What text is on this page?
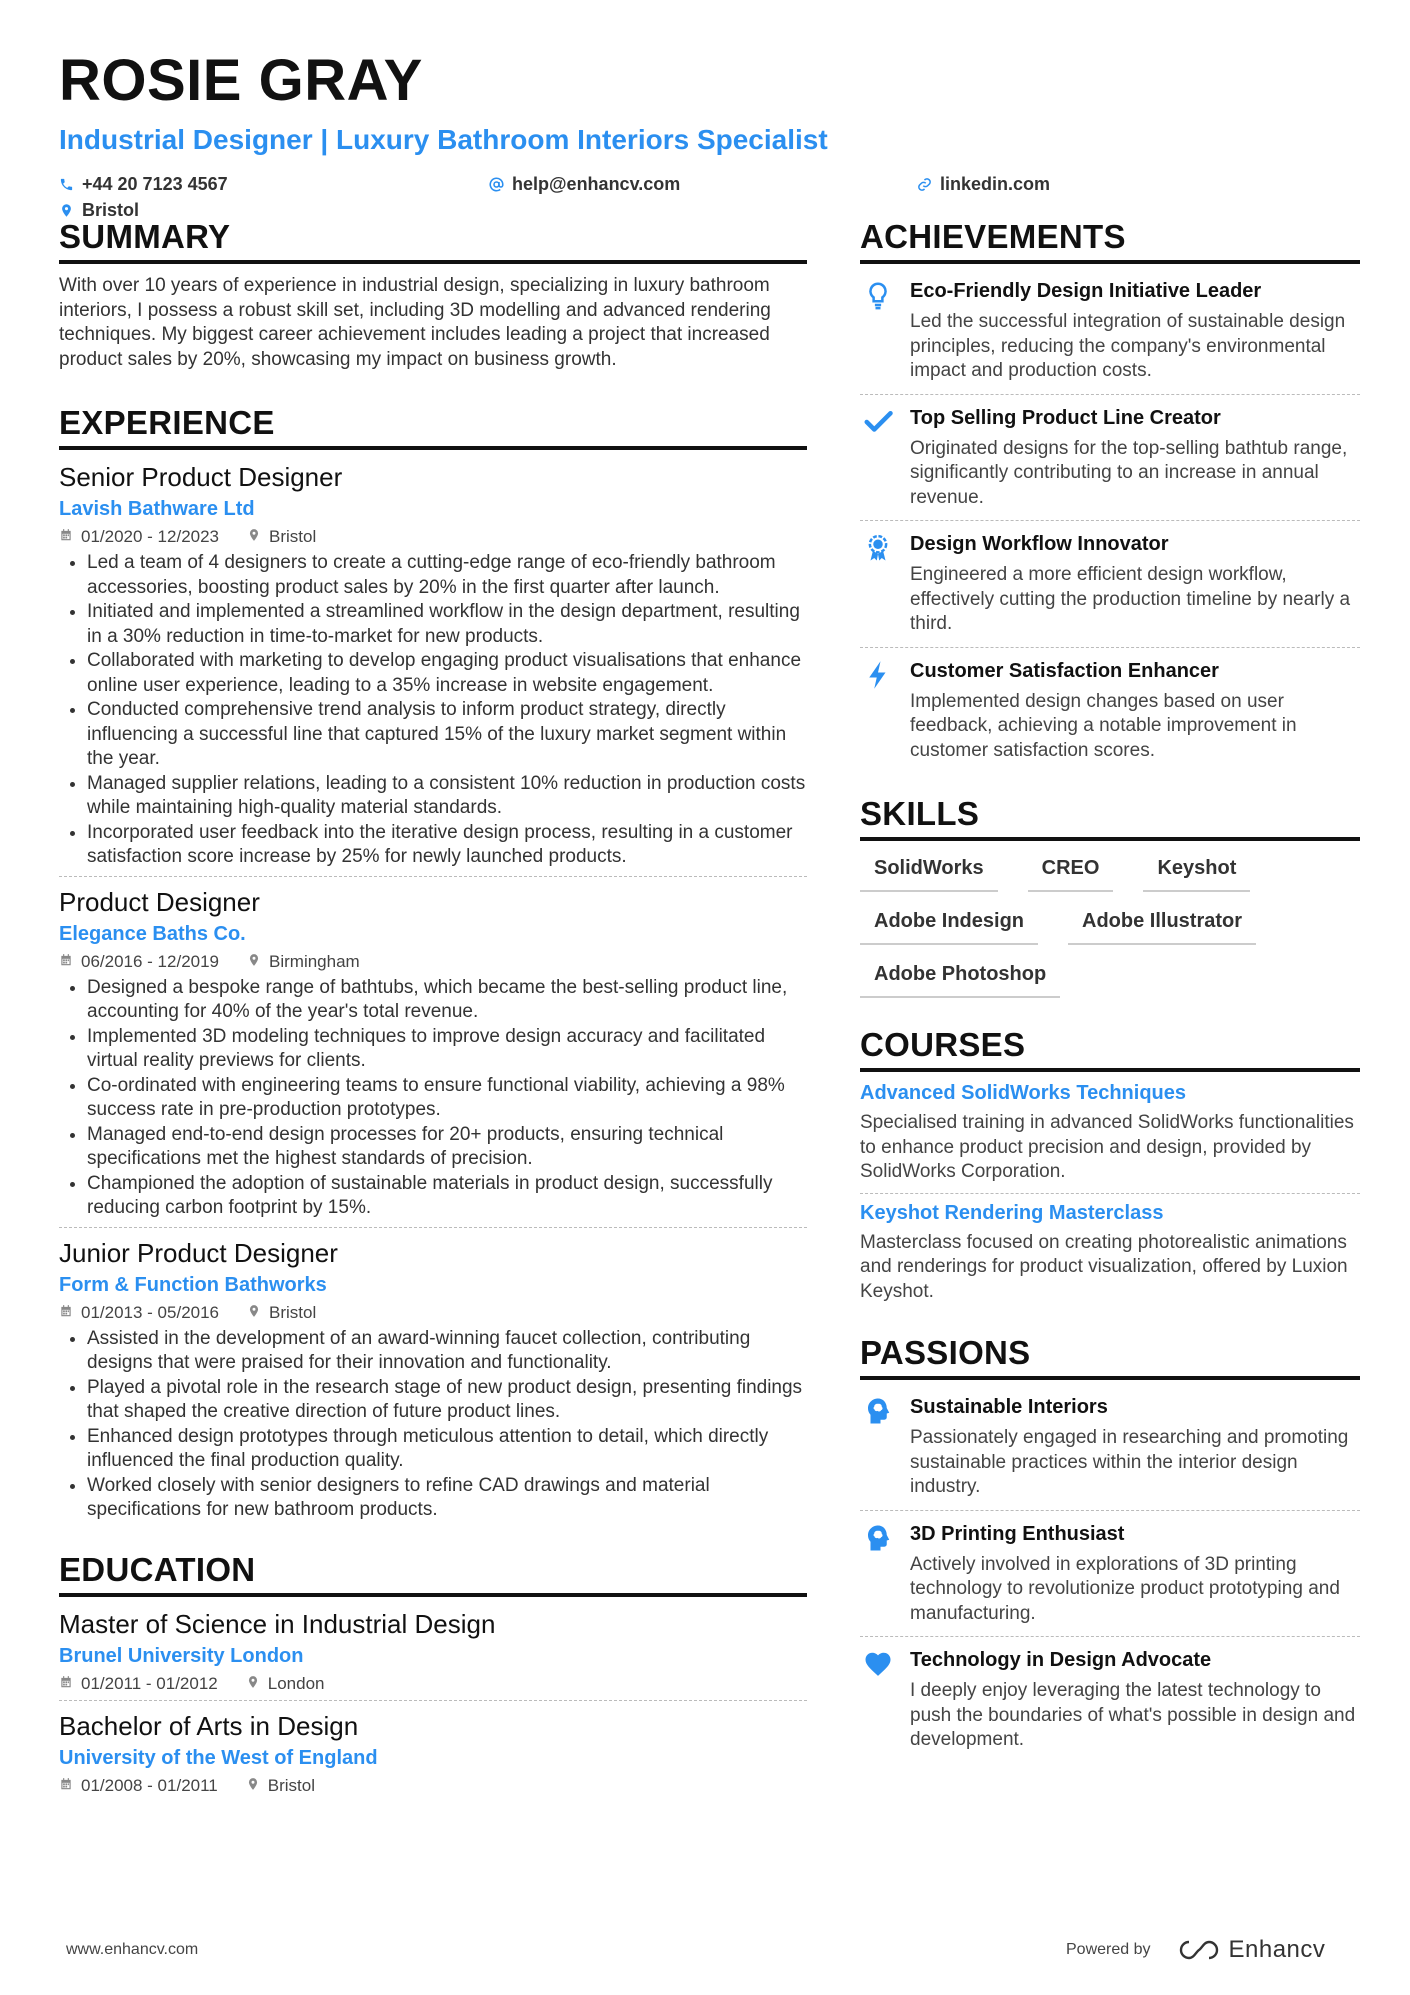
ROSIE GRAY
Industrial Designer | Luxury Bathroom Interiors Specialist
+44 20 7123 4567	help@enhancv.com	linkedin.com
Bristol
SUMMARY

With over 10 years of experience in industrial design, specializing in luxury bathroom interiors, I possess a robust skill set, including 3D modelling and advanced rendering techniques. My biggest career achievement includes leading a project that increased product sales by 20%, showcasing my impact on business growth.

EXPERIENCE
Senior Product Designer
Lavish Bathware Ltd
01/2020 - 12/2023	Bristol
• Led a team of 4 designers to create a cutting-edge range of eco-friendly bathroom accessories, boosting product sales by 20% in the first quarter after launch.
• Initiated and implemented a streamlined workflow in the design department, resulting in a 30% reduction in time-to-market for new products.
• Collaborated with marketing to develop engaging product visualisations that enhance online user experience, leading to a 35% increase in website engagement.
• Conducted comprehensive trend analysis to inform product strategy, directly influencing a successful line that captured 15% of the luxury market segment within the year.
• Managed supplier relations, leading to a consistent 10% reduction in production costs while maintaining high-quality material standards.
• Incorporated user feedback into the iterative design process, resulting in a customer satisfaction score increase by 25% for newly launched products.
Product Designer
Elegance Baths Co.
06/2016 - 12/2019	Birmingham
• Designed a bespoke range of bathtubs, which became the best-selling product line, accounting for 40% of the year's total revenue.
• Implemented 3D modeling techniques to improve design accuracy and facilitated virtual reality previews for clients.
• Co-ordinated with engineering teams to ensure functional viability, achieving a 98% success rate in pre-production prototypes.
• Managed end-to-end design processes for 20+ products, ensuring technical specifications met the highest standards of precision.
• Championed the adoption of sustainable materials in product design, successfully reducing carbon footprint by 15%.
Junior Product Designer
Form & Function Bathworks
01/2013 - 05/2016	Bristol
• Assisted in the development of an award-winning faucet collection, contributing designs that were praised for their innovation and functionality.
• Played a pivotal role in the research stage of new product design, presenting findings that shaped the creative direction of future product lines.
• Enhanced design prototypes through meticulous attention to detail, which directly influenced the final production quality.
• Worked closely with senior designers to refine CAD drawings and material specifications for new bathroom products.
EDUCATION
Master of Science in Industrial Design
Brunel University London
01/2011 - 01/2012	London
Bachelor of Arts in Design
University of the West of England
01/2008 - 01/2011	Bristol
ACHIEVEMENTS
Eco-Friendly Design Initiative Leader
Led the successful integration of sustainable design principles, reducing the company's environmental impact and production costs.
Top Selling Product Line Creator
Originated designs for the top-selling bathtub range, significantly contributing to an increase in annual revenue.
Design Workflow Innovator
Engineered a more efficient design workflow, effectively cutting the production timeline by nearly a third.
Customer Satisfaction Enhancer
Implemented design changes based on user feedback, achieving a notable improvement in customer satisfaction scores.
SKILLS
SolidWorks	CREO	Keyshot
Adobe Indesign	Adobe Illustrator
Adobe Photoshop
COURSES
Advanced SolidWorks Techniques
Specialised training in advanced SolidWorks functionalities to enhance product precision and design, provided by SolidWorks Corporation.
Keyshot Rendering Masterclass
Masterclass focused on creating photorealistic animations and renderings for product visualization, offered by Luxion Keyshot.
PASSIONS
Sustainable Interiors
Passionately engaged in researching and promoting sustainable practices within the interior design industry.
3D Printing Enthusiast
Actively involved in explorations of 3D printing technology to revolutionize product prototyping and manufacturing.
Technology in Design Advocate
I deeply enjoy leveraging the latest technology to push the boundaries of what's possible in design and development.
www.enhancv.com	Powered by	Enhancv
